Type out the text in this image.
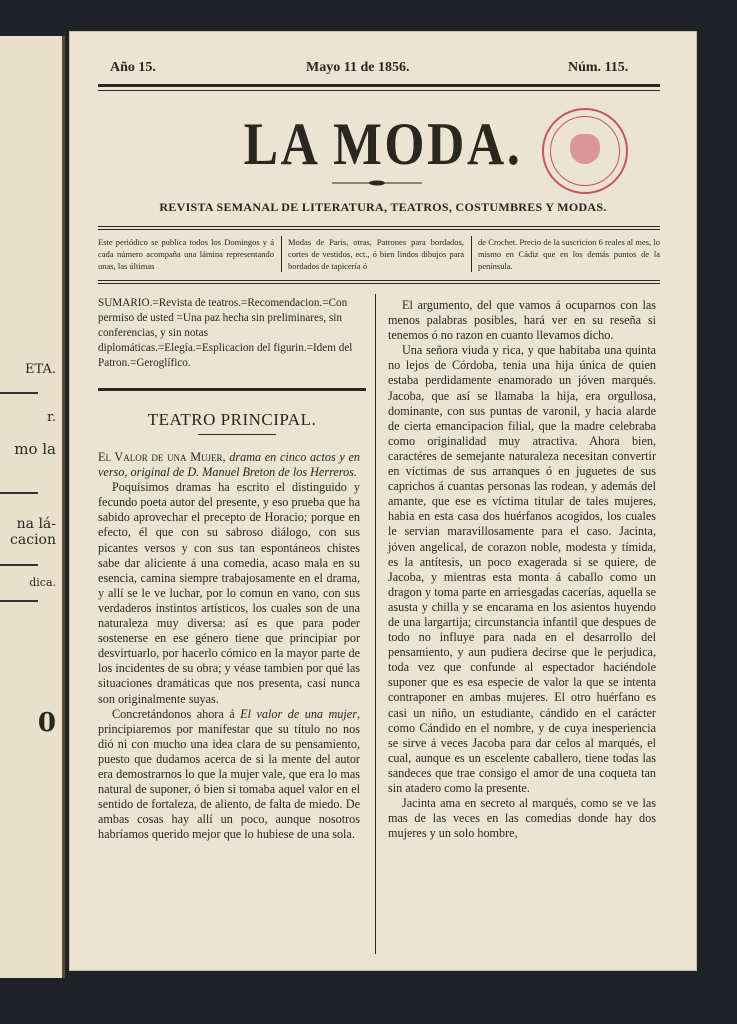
ETA.
r.
mo la
na lá-
cacion
dica.
0
Año 15.	Mayo 11 de 1856.	Núm. 115.
LA MODA.
REVISTA SEMANAL DE LITERATURA, TEATROS, COSTUMBRES Y MODAS.
Este periódico se publica todos los Domingos y á cada número acompaña una lámina representando unas, las últimas
Modas de Paris, otras, Patrones para bordados, cortes de vestidos, ect., ó bien lindos dibujos para bordados de tapicería ó
de Crochet. Precio de la suscricion 6 reales al mes, lo mismo en Cádiz que en los demás puntos de la península.
SUMARIO.=Revista de teatros.=Recomendacion.=Con permiso de usted =Una paz hecha sin preliminares, sin conferencias, y sin notas diplomáticas.=Elegía.=Esplicacion del figurin.=Idem del Patron.=Geroglífico.
TEATRO PRINCIPAL.

El Valor de una Mujer, drama en cinco actos y en verso, original de D. Manuel Breton de los Herreros.

Poquísimos dramas ha escrito el distinguido y fecundo poeta autor del presente, y eso prueba que ha sabido aprovechar el precepto de Horacio; porque en efecto, él que con su sabroso diálogo, con sus picantes versos y con sus tan espontáneos chistes sabe dar aliciente á una comedia, acaso mala en su esencia, camina siempre trabajosamente en el drama, y allí se le ve luchar, por lo comun en vano, con sus verdaderos instintos artísticos, los cuales son de una naturaleza muy diversa: así es que para poder sostenerse en ese género tiene que principiar por desvirtuarlo, por hacerlo cómico en la mayor parte de los incidentes de su obra; y véase tambien por qué las situaciones dramáticas que nos presenta, casi nunca son originalmente suyas.

Concretándonos ahora á El valor de una mujer, principiaremos por manifestar que su título no nos dió ni con mucho una idea clara de su pensamiento, puesto que dudamos acerca de si la mente del autor era demostrarnos lo que la mujer vale, que era lo mas natural de suponer, ó bien si tomaba aquel valor en el sentido de fortaleza, de aliento, de falta de miedo. De ambas cosas hay allí un poco, aunque nosotros habríamos querido mejor que lo hubiese de una sola.

El argumento, del que vamos á ocuparnos con las menos palabras posibles, hará ver en su reseña si tenemos ó no razon en cuanto llevamos dicho.

Una señora viuda y rica, y que habitaba una quinta no lejos de Córdoba, tenia una hija única de quien estaba perdidamente enamorado un jóven marqués. Jacoba, que así se llamaba la hija, era orgullosa, dominante, con sus puntas de varonil, y hacia alarde de cierta emancipacion filial, que la madre celebraba como originalidad muy atractiva. Ahora bien, caractéres de semejante naturaleza necesitan convertir en víctimas de sus arranques ó en juguetes de sus caprichos á cuantas personas las rodean, y además del amante, que ese es víctima titular de tales mujeres, habia en esta casa dos huérfanos acogidos, los cuales le servian maravillosamente para el caso. Jacinta, jóven angelical, de corazon noble, modesta y tímida, es la antítesis, un poco exagerada si se quiere, de Jacoba, y mientras esta monta á caballo como un dragon y toma parte en arriesgadas cacerías, aquella se asusta y chilla y se encarama en los asientos huyendo de una largartija; circunstancia infantil que despues de todo no influye para nada en el desarrollo del pensamiento, y aun pudiera decirse que le perjudica, toda vez que confunde al espectador haciéndole suponer que es esa especie de valor la que se intenta contraponer en ambas mujeres. El otro huérfano es casi un niño, un estudiante, cándido en el carácter como Cándido en el nombre, y de cuya inesperiencia se sirve á veces Jacoba para dar celos al marqués, el cual, aunque es un escelente caballero, tiene todas las sandeces que trae consigo el amor de una coqueta tan sin atadero como la presente.

Jacinta ama en secreto al marqués, como se ve las mas de las veces en las comedias donde hay dos mujeres y un solo hombre,
